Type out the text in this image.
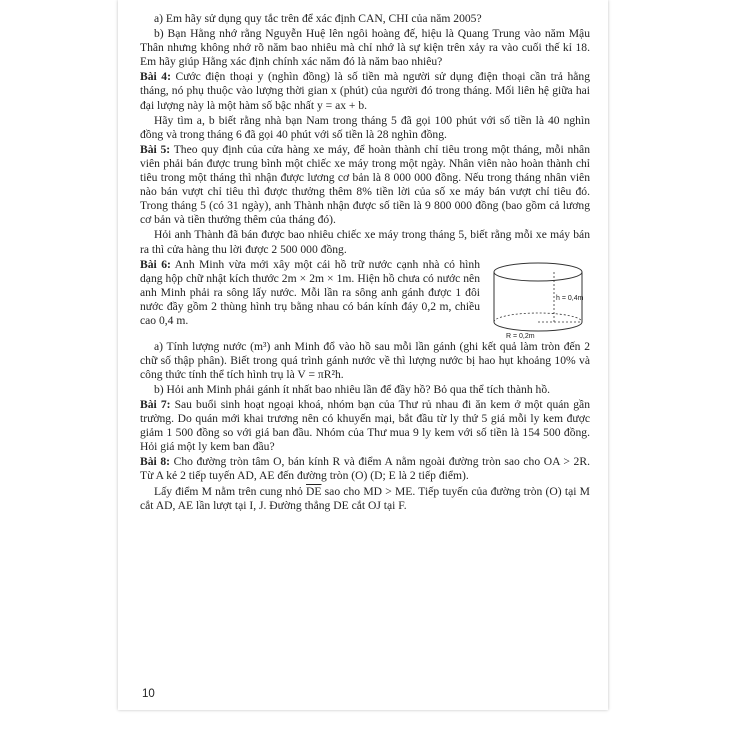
a) Em hãy sử dụng quy tắc trên để xác định CAN, CHI của năm 2005?

b) Bạn Hằng nhớ rằng Nguyễn Huệ lên ngôi hoàng đế, hiệu là Quang Trung vào năm Mậu Thân nhưng không nhớ rõ năm bao nhiêu mà chỉ nhớ là sự kiện trên xảy ra vào cuối thế kỉ 18. Em hãy giúp Hằng xác định chính xác năm đó là năm bao nhiêu?

Bài 4: Cước điện thoại y (nghìn đồng) là số tiền mà người sử dụng điện thoại cần trả hằng tháng, nó phụ thuộc vào lượng thời gian x (phút) của người đó trong tháng. Mối liên hệ giữa hai đại lượng này là một hàm số bậc nhất y = ax + b.

Hãy tìm a, b biết rằng nhà bạn Nam trong tháng 5 đã gọi 100 phút với số tiền là 40 nghìn đồng và trong tháng 6 đã gọi 40 phút với số tiền là 28 nghìn đồng.

Bài 5: Theo quy định của cửa hàng xe máy, để hoàn thành chỉ tiêu trong một tháng, mỗi nhân viên phải bán được trung bình một chiếc xe máy trong một ngày. Nhân viên nào hoàn thành chỉ tiêu trong một tháng thì nhận được lương cơ bản là 8 000 000 đồng. Nếu trong tháng nhân viên nào bán vượt chỉ tiêu thì được thưởng thêm 8% tiền lời của số xe máy bán vượt chỉ tiêu đó. Trong tháng 5 (có 31 ngày), anh Thành nhận được số tiền là 9 800 000 đồng (bao gồm cả lương cơ bản và tiền thưởng thêm của tháng đó).

Hỏi anh Thành đã bán được bao nhiêu chiếc xe máy trong tháng 5, biết rằng mỗi xe máy bán ra thì cửa hàng thu lời được 2 500 000 đồng.

h = 0,4m
R = 0,2m

Bài 6: Anh Minh vừa mới xây một cái hồ trữ nước cạnh nhà có hình dạng hộp chữ nhật kích thước 2m × 2m × 1m. Hiện hồ chưa có nước nên anh Minh phải ra sông lấy nước. Mỗi lần ra sông anh gánh được 1 đôi nước đầy gồm 2 thùng hình trụ bằng nhau có bán kính đáy 0,2 m, chiều cao 0,4 m.

a) Tính lượng nước (m³) anh Minh đổ vào hồ sau mỗi lần gánh (ghi kết quả làm tròn đến 2 chữ số thập phân). Biết trong quá trình gánh nước về thì lượng nước bị hao hụt khoảng 10% và công thức tính thể tích hình trụ là V = πR²h.

b) Hỏi anh Minh phải gánh ít nhất bao nhiêu lần để đầy hồ? Bỏ qua thể tích thành hồ.

Bài 7: Sau buổi sinh hoạt ngoại khoá, nhóm bạn của Thư rủ nhau đi ăn kem ở một quán gần trường. Do quán mới khai trương nên có khuyến mại, bắt đầu từ ly thứ 5 giá mỗi ly kem được giảm 1 500 đồng so với giá ban đầu. Nhóm của Thư mua 9 ly kem với số tiền là 154 500 đồng. Hỏi giá một ly kem ban đầu?

Bài 8: Cho đường tròn tâm O, bán kính R và điểm A nằm ngoài đường tròn sao cho OA > 2R. Từ A kẻ 2 tiếp tuyến AD, AE đến đường tròn (O) (D; E là 2 tiếp điểm).

Lấy điểm M nằm trên cung nhỏ $\overline{DE}$ sao cho MD > ME. Tiếp tuyến của đường tròn (O) tại M cắt AD, AE lần lượt tại I, J. Đường thẳng DE cắt OJ tại F.

10
